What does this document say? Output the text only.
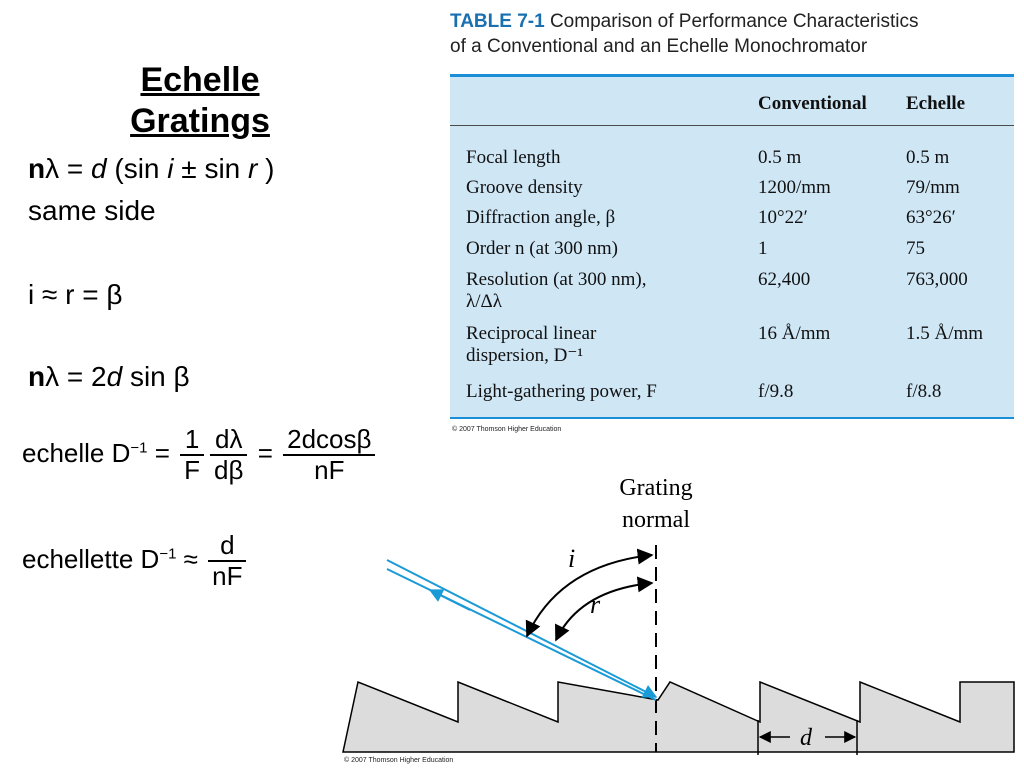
Echelle
Gratings
nλ = d (sin i ± sin r )
same side
i ≈ r = β
nλ = 2d sin β
echelle $D^{-1} = \frac{1}{F} \frac{d\lambda}{d\beta} = \frac{2dcos\beta}{nF}$
echellette $D^{-1} \approx \frac{d}{nF}$
TABLE 7-1 Comparison of Performance Characteristics
of a Conventional and an Echelle Monochromator
Conventional Echelle
Focal length	0.5 m	0.5 m
Groove density	1200/mm	79/mm
Diffraction angle, β	10°22′	63°26′
Order n (at 300 nm)	1	75
Resolution (at 300 nm),
λ/Δλ
62,400	763,000
Reciprocal linear
dispersion, D⁻¹
16 Å/mm	1.5 Å/mm
Light-gathering power, F	f/9.8	f/8.8
© 2007 Thomson Higher Education
Grating
normal
i
r
d
© 2007 Thomson Higher Education
